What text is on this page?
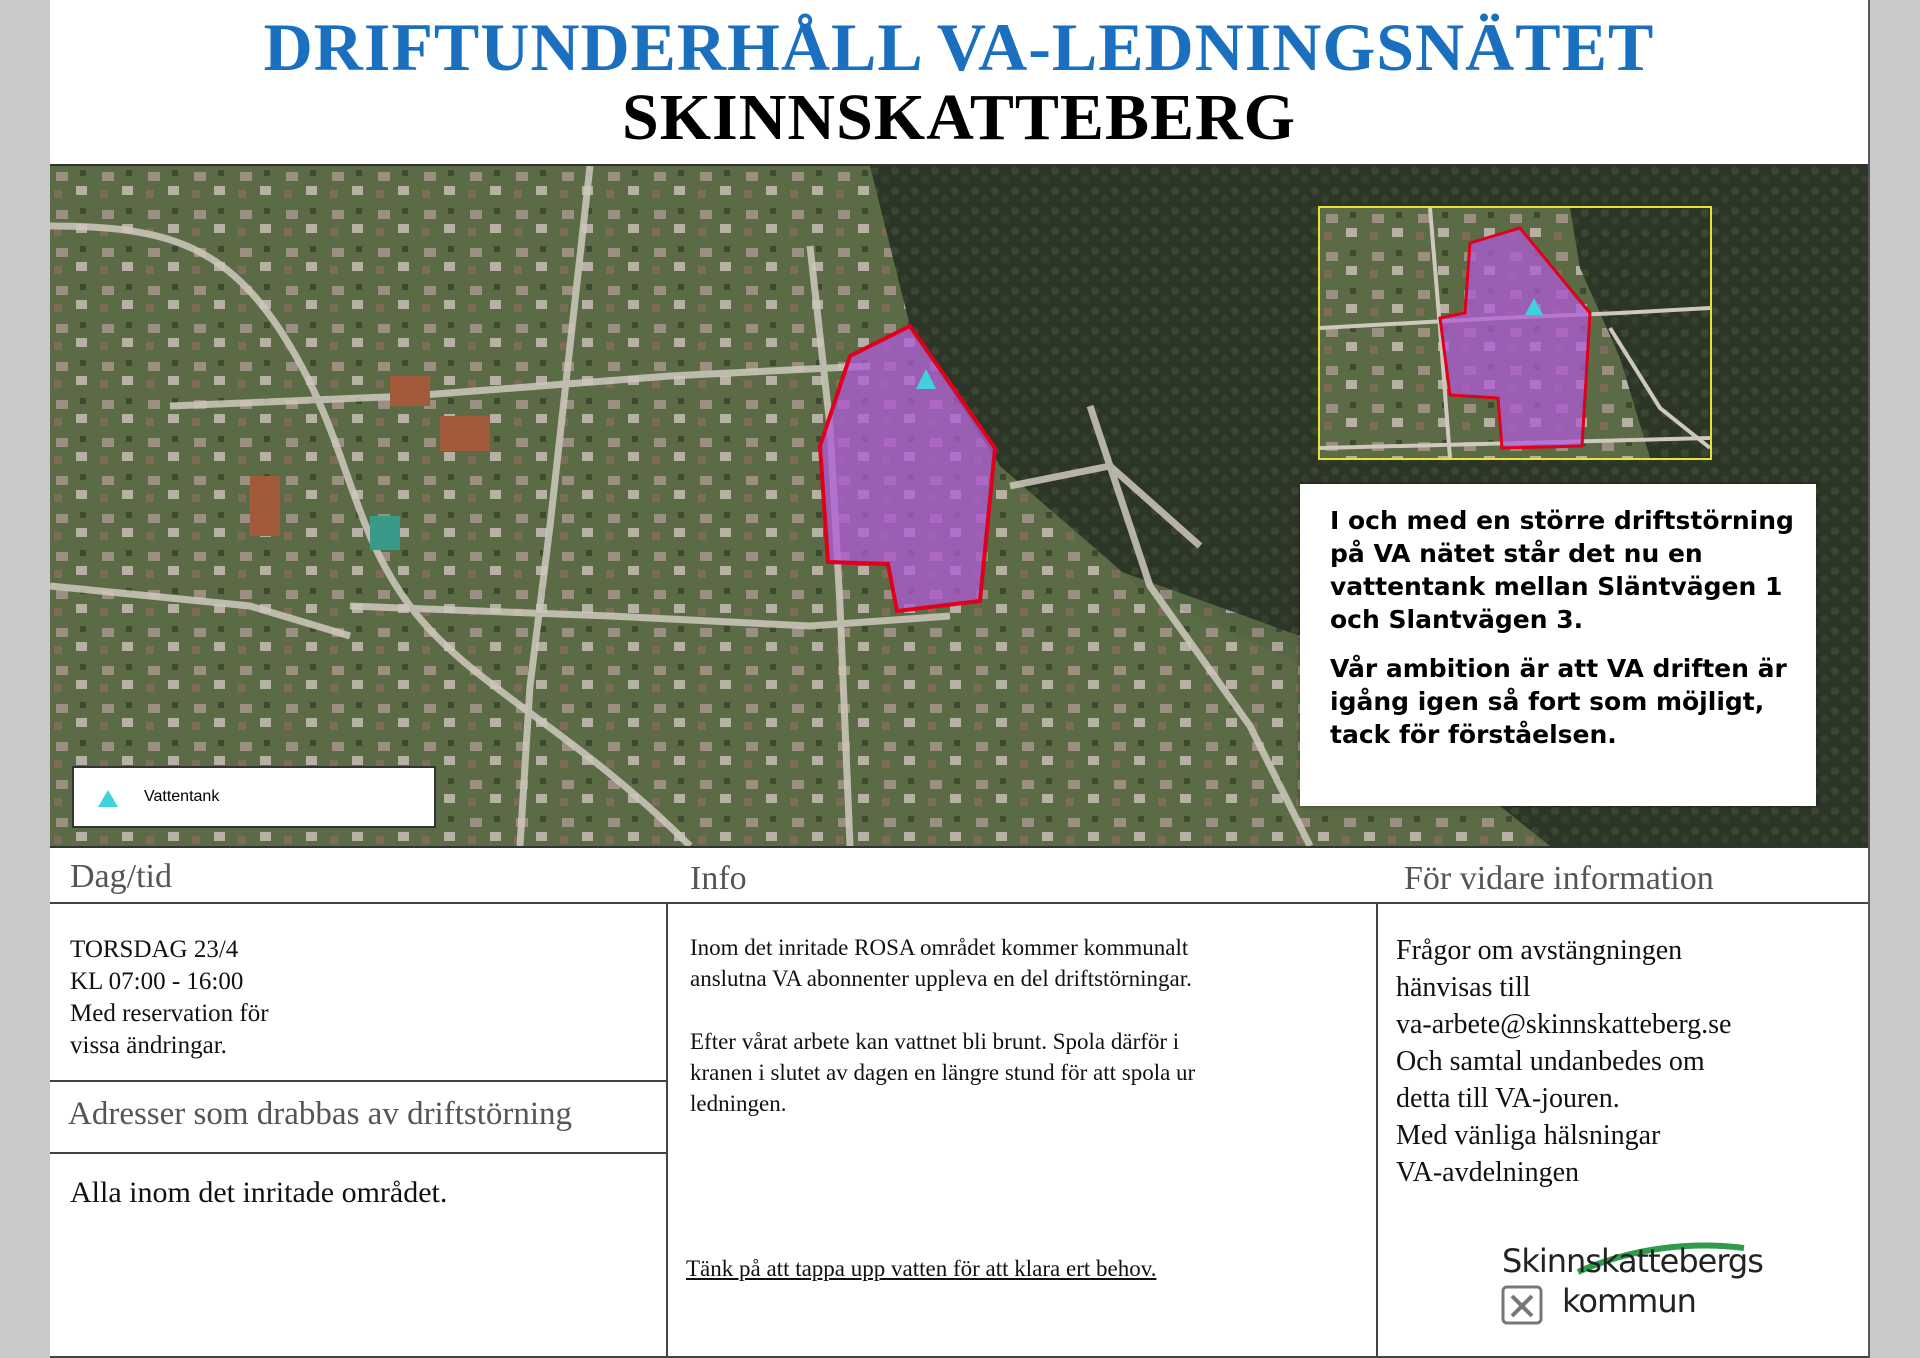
DRIFTUNDERHÅLL VA-LEDNINGSNÄTET
SKINNSKATTEBERG
Vattentank

I och med en större driftstörning på VA nätet står det nu en vattentank mellan Släntvägen 1 och Slantvägen 3.

Vår ambition är att VA driften är igång igen så fort som möjligt, tack för förståelsen.

Dag/tid	Info	För vidare information
TORSDAG 23/4
KL 07:00 - 16:00
Med reservation för
vissa ändringar.
Adresser som drabbas av driftstörning
Alla inom det inritade området.
Inom det inritade ROSA området kommer kommunalt
anslutna VA abonnenter uppleva en del driftstörningar.
Efter vårat arbete kan vattnet bli brunt. Spola därför i
kranen i slutet av dagen en längre stund för att spola ur
ledningen.
Tänk på att tappa upp vatten för att klara ert behov.
Frågor om avstängningen
hänvisas till
va-arbete@skinnskatteberg.se
Och samtal undanbedes om
detta till VA-jouren.
Med vänliga hälsningar
VA-avdelningen
Skinnskattebergs
kommun
